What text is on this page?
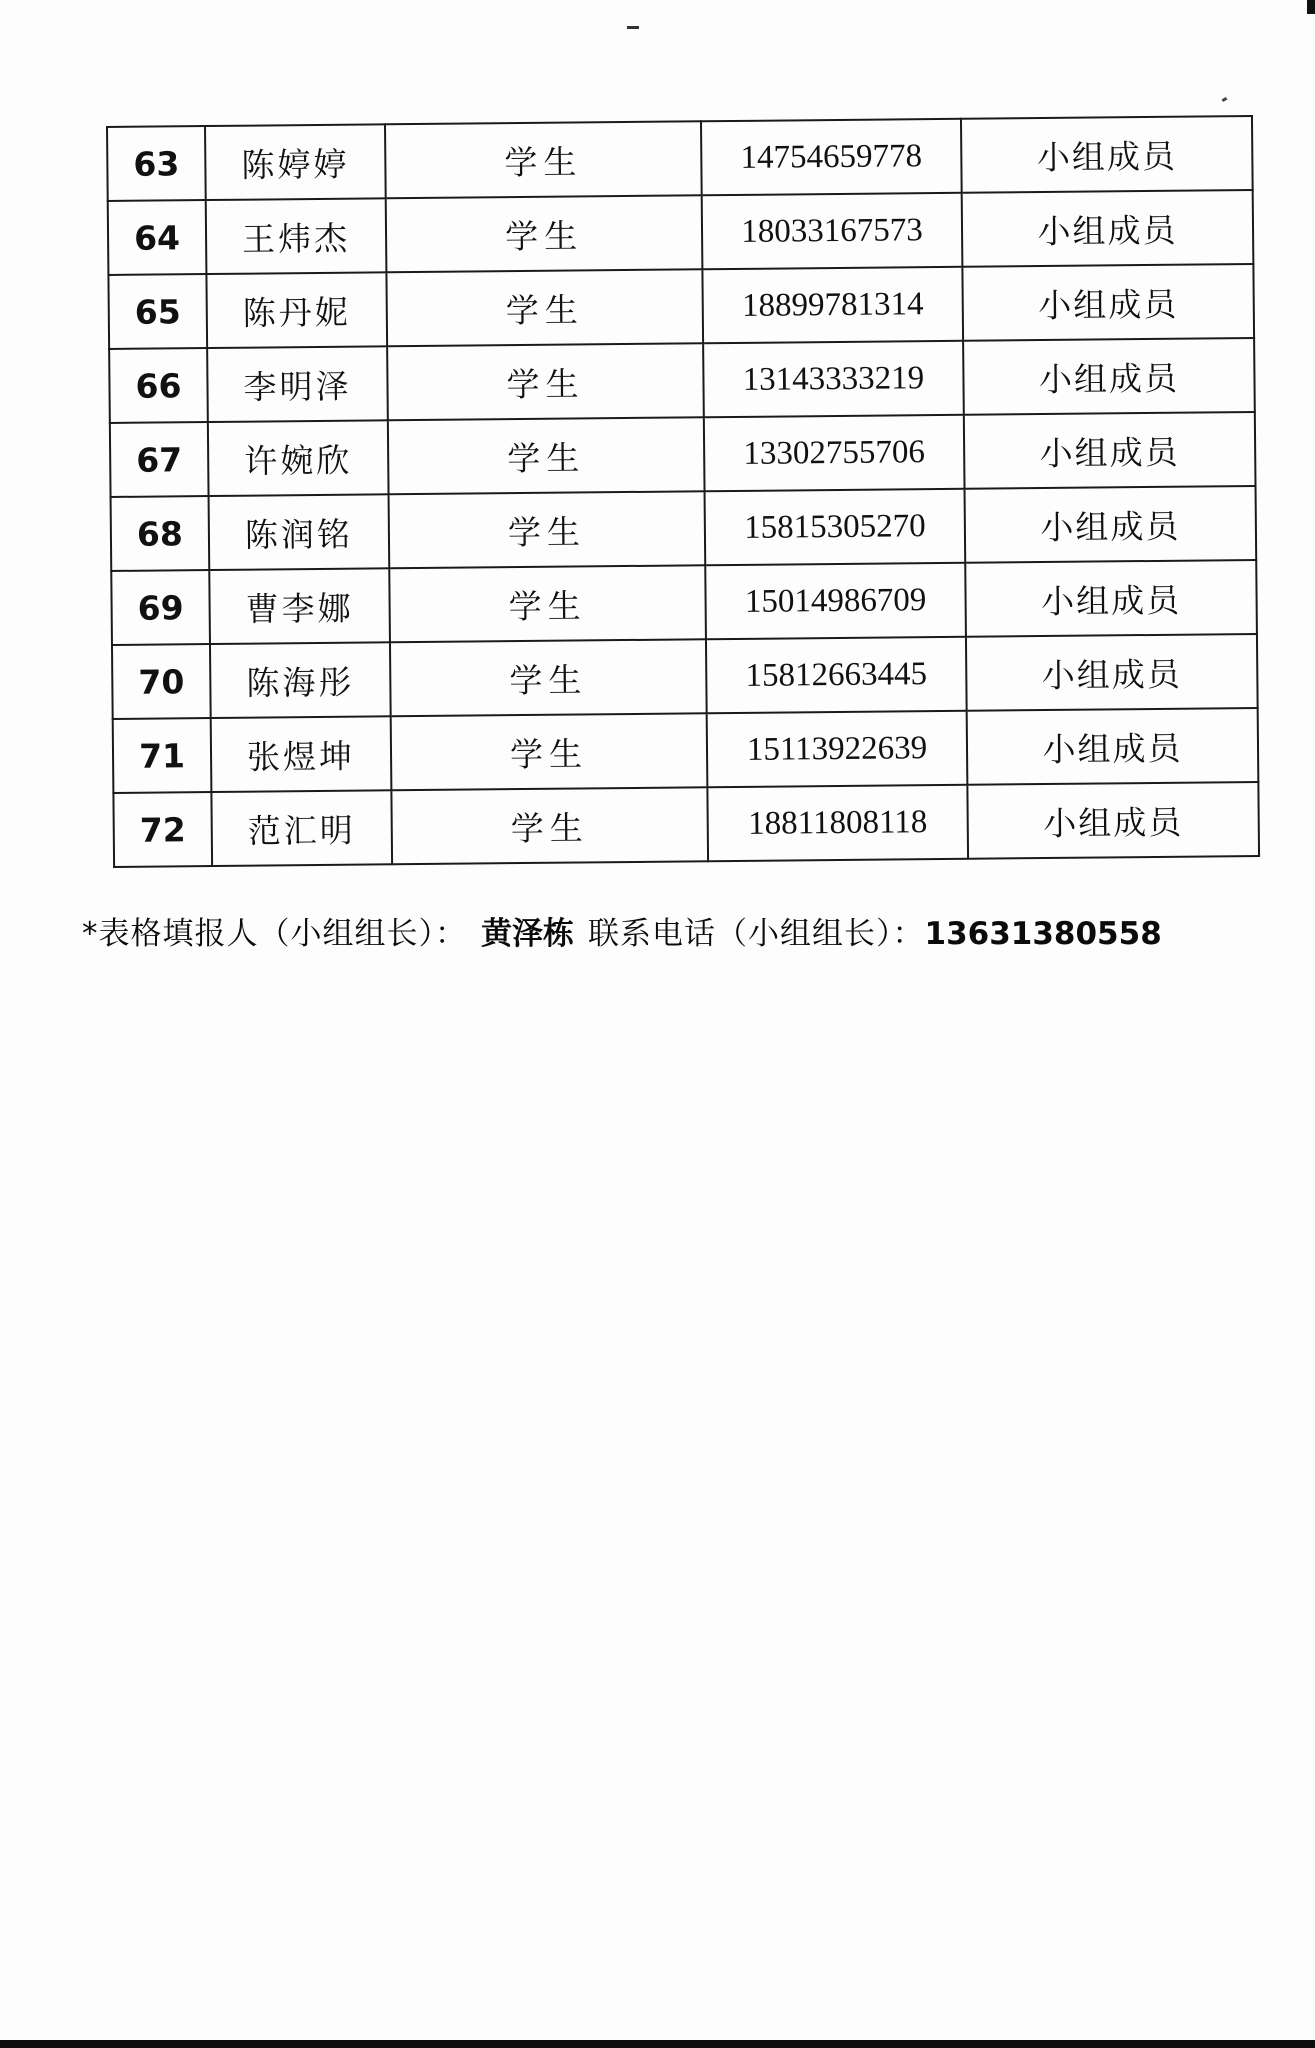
63	陈婷婷	学生	14754659778	小组成员
64	王炜杰	学生	18033167573	小组成员
65	陈丹妮	学生	18899781314	小组成员
66	李明泽	学生	13143333219	小组成员
67	许婉欣	学生	13302755706	小组成员
68	陈润铭	学生	15815305270	小组成员
69	曹李娜	学生	15014986709	小组成员
70	陈海彤	学生	15812663445	小组成员
71	张煜坤	学生	15113922639	小组成员
72	范汇明	学生	18811808118	小组成员
*表格填报人（小组组长）： 黄泽栋 联系电话（小组组长）：13631380558
